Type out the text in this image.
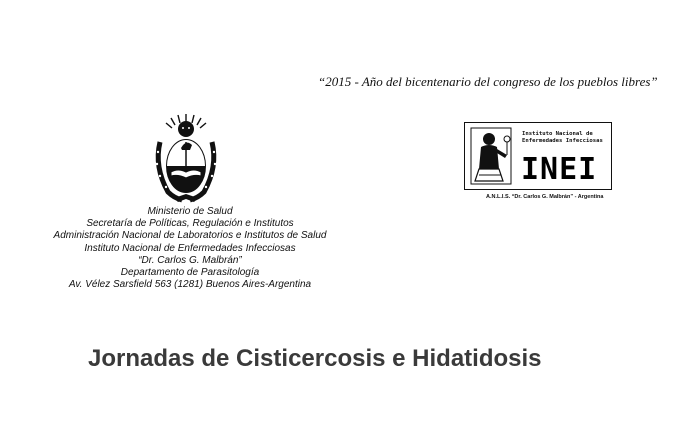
“2015 - Año del bicentenario del congreso de los pueblos libres”
Ministerio de Salud
Secretaría de Políticas, Regulación e Institutos
Administración Nacional de Laboratorios e Institutos de Salud
Instituto Nacional de Enfermedades Infecciosas
“Dr. Carlos G. Malbrán”
Departamento de Parasitología
Av. Vélez Sarsfield 563 (1281) Buenos Aires-Argentina
Instituto Nacional de
Enfermedades Infecciosas
INEI
A.N.L.I.S. “Dr. Carlos G. Malbrán” - Argentina
Jornadas de Cisticercosis e Hidatidosis
